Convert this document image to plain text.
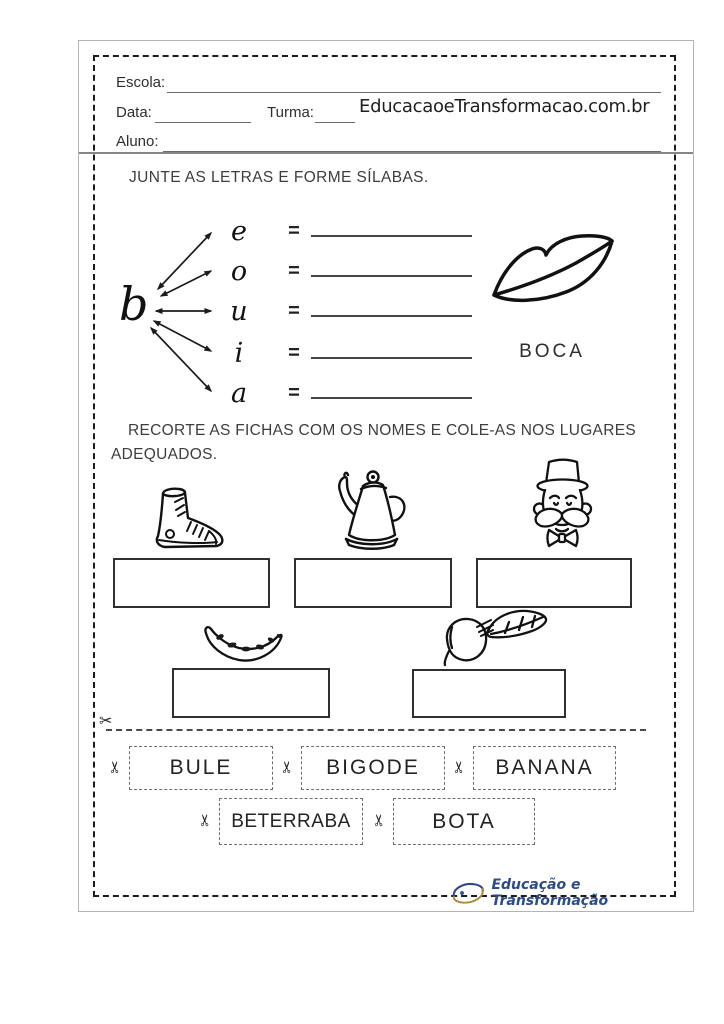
Escola:
Data:	Turma:	EducacaoeTransformacao.com.br
Aluno:
JUNTE AS LETRAS E FORME SÍLABAS.
b
e	=
o	=
u	=
i	=
a	=
BOCA
RECORTE AS FICHAS COM OS NOMES E COLE-AS NOS LUGARES ADEQUADOS.
✂
✂	BULE	✂	BIGODE	✂	BANANA
✂ BETERRABA	✂	BOTA
Educação e Transformação
